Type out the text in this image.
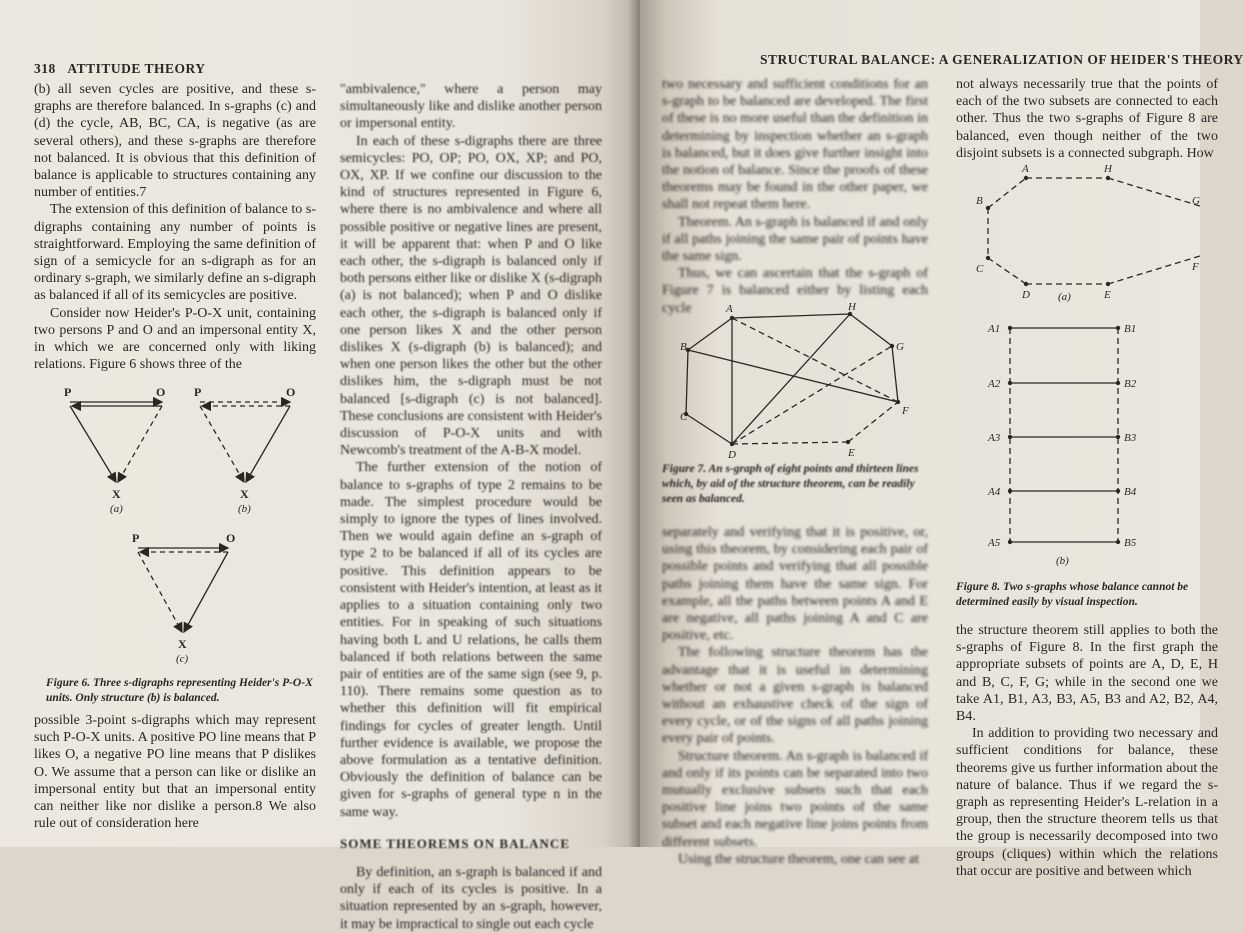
318 ATTITUDE THEORY

(b) all seven cycles are positive, and these s-graphs are therefore balanced. In s-graphs (c) and (d) the cycle, AB, BC, CA, is negative (as are several others), and these s-graphs are therefore not balanced. It is obvious that this definition of balance is applicable to structures containing any number of entities.7

The extension of this definition of balance to s-digraphs containing any number of points is straightforward. Employing the same definition of sign of a semicycle for an s-digraph as for an ordinary s-graph, we similarly define an s-digraph as balanced if all of its semicycles are positive.

Consider now Heider's P-O-X unit, containing two persons P and O and an impersonal entity X, in which we are concerned only with liking relations. Figure 6 shows three of the

P	O
X
(a)
P	O
X
(b)
P	O
X
(c)
Figure 6. Three s-digraphs representing Heider's P-O-X units. Only structure (b) is balanced.

possible 3-point s-digraphs which may represent such P-O-X units. A positive PO line means that P likes O, a negative PO line means that P dislikes O. We assume that a person can like or dislike an impersonal entity but that an impersonal entity can neither like nor dislike a person.8 We also rule out of consideration here

"ambivalence," where a person may simultaneously like and dislike another person or impersonal entity.

In each of these s-digraphs there are three semicycles: PO, OP; PO, OX, XP; and PO, OX, XP. If we confine our discussion to the kind of structures represented in Figure 6, where there is no ambivalence and where all possible positive or negative lines are present, it will be apparent that: when P and O like each other, the s-digraph is balanced only if both persons either like or dislike X (s-digraph (a) is not balanced); when P and O dislike each other, the s-digraph is balanced only if one person likes X and the other person dislikes X (s-digraph (b) is balanced); and when one person likes the other but the other dislikes him, the s-digraph must be not balanced [s-digraph (c) is not balanced]. These conclusions are consistent with Heider's discussion of P-O-X units and with Newcomb's treatment of the A-B-X model.

The further extension of the notion of balance to s-graphs of type 2 remains to be made. The simplest procedure would be simply to ignore the types of lines involved. Then we would again define an s-graph of type 2 to be balanced if all of its cycles are positive. This definition appears to be consistent with Heider's intention, at least as it applies to a situation containing only two entities. For in speaking of such situations having both L and U relations, he calls them balanced if both relations between the same pair of entities are of the same sign (see 9, p. 110). There remains some question as to whether this definition will fit empirical findings for cycles of greater length. Until further evidence is available, we propose the above formulation as a tentative definition. Obviously the definition of balance can be given for s-graphs of general type n in the same way.

SOME THEOREMS ON BALANCE

By definition, an s-graph is balanced if and only if each of its cycles is positive. In a situation represented by an s-graph, however, it may be impractical to single out each cycle

STRUCTURAL BALANCE: A GENERALIZATION OF HEIDER'S THEORY

two necessary and sufficient conditions for an s-graph to be balanced are developed. The first of these is no more useful than the definition in determining by inspection whether an s-graph is balanced, but it does give further insight into the notion of balance. Since the proofs of these theorems may be found in the other paper, we shall not repeat them here.

Theorem. An s-graph is balanced if and only if all paths joining the same pair of points have the same sign.

Thus, we can ascertain that the s-graph of Figure 7 is balanced either by listing each cycle	A	H
B	G
C	F
D	E
Figure 7. An s-graph of eight points and thirteen lines which, by aid of the structure theorem, can be readily seen as balanced.

separately and verifying that it is positive, or, using this theorem, by considering each pair of possible points and verifying that all possible paths joining them have the same sign. For example, all the paths between points A and E are negative, all paths joining A and C are positive, etc.

The following structure theorem has the advantage that it is useful in determining whether or not a given s-graph is balanced without an exhaustive check of the sign of every cycle, or of the signs of all paths joining every pair of points.

Structure theorem. An s-graph is balanced if and only if its points can be separated into two mutually exclusive subsets such that each positive line joins two points of the same subset and each negative line joins points from different subsets.

Using the structure theorem, one can see at

not always necessarily true that the points of each of the two subsets are connected to each other. Thus the two s-graphs of Figure 8 are balanced, even though neither of the two disjoint subsets is a connected subgraph. How

A	H
B	G
C	F
D	E
(a)
A1	B1
A2	B2
A3	B3
A4	B4
A5	B5
(b)
Figure 8. Two s-graphs whose balance cannot be determined easily by visual inspection.

the structure theorem still applies to both the s-graphs of Figure 8. In the first graph the appropriate subsets of points are A, D, E, H and B, C, F, G; while in the second one we take A1, B1, A3, B3, A5, B3 and A2, B2, A4, B4.

In addition to providing two necessary and sufficient conditions for balance, these theorems give us further information about the nature of balance. Thus if we regard the s-graph as representing Heider's L-relation in a group, then the structure theorem tells us that the group is necessarily decomposed into two groups (cliques) within which the relations that occur are positive and between which
